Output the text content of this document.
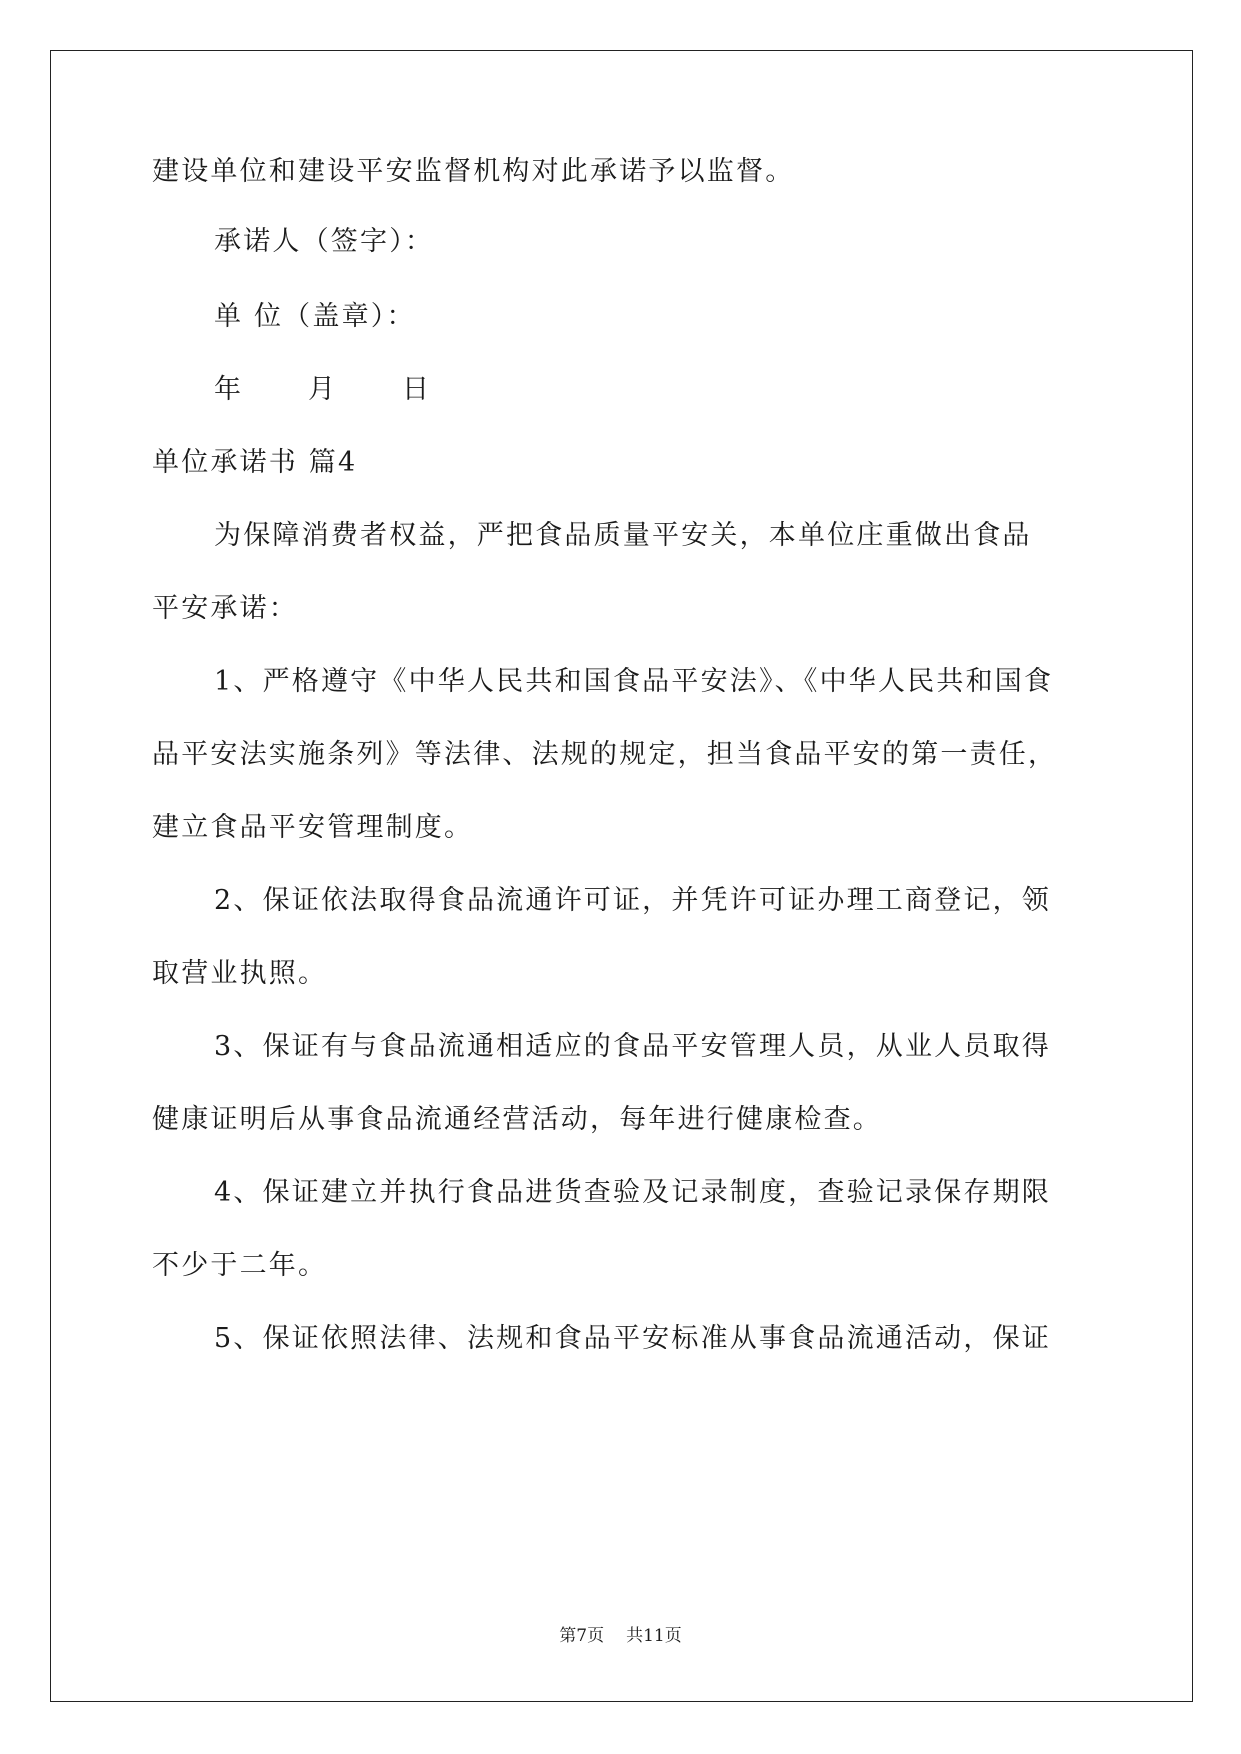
建设单位和建设平安监督机构对此承诺予以监督。
承诺人（签字）：
单 位（盖章）：
年	月	日
单位承诺书 篇4
为保障消费者权益，严把食品质量平安关，本单位庄重做出食品
平安承诺：
1、严格遵守《中华人民共和国食品平安法》、《中华人民共和国食
品平安法实施条列》等法律、法规的规定，担当食品平安的第一责任，
建立食品平安管理制度。
2、保证依法取得食品流通许可证，并凭许可证办理工商登记，领
取营业执照。
3、保证有与食品流通相适应的食品平安管理人员，从业人员取得
健康证明后从事食品流通经营活动，每年进行健康检查。
4、保证建立并执行食品进货查验及记录制度，查验记录保存期限
不少于二年。
5、保证依照法律、法规和食品平安标准从事食品流通活动，保证
第7页 共11页
